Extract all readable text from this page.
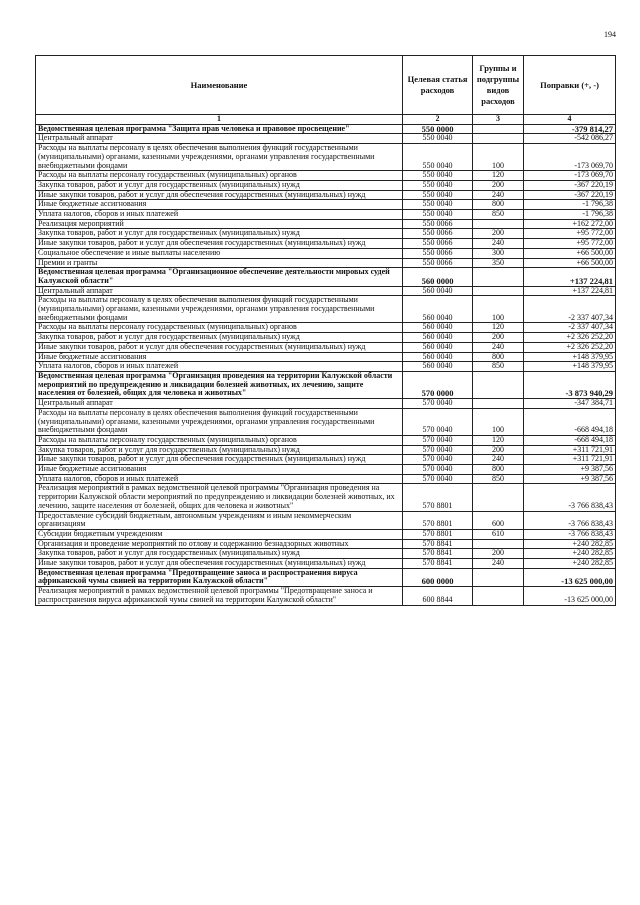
194
Наименование	Целевая статья расходов	Группы и подгруппы видов расходов	Поправки (+, -)
1	2	3	4
Ведомственная целевая программа "Защита прав человека и правовое просвещение"	550 0000		-379 814,27
Центральный аппарат	550 0040		-542 086,27
Расходы на выплаты персоналу в целях обеспечения выполнения функций государственными (муниципальными) органами, казенными учреждениями, органами управления государственными внебюджетными фондами	550 0040	100	-173 069,70
Расходы на выплаты персоналу государственных (муниципальных) органов	550 0040	120	-173 069,70
Закупка товаров, работ и услуг для государственных (муниципальных) нужд	550 0040	200	-367 220,19
Иные закупки товаров, работ и услуг для обеспечения государственных (муниципальных) нужд	550 0040	240	-367 220,19
Иные бюджетные ассигнования	550 0040	800	-1 796,38
Уплата налогов, сборов и иных платежей	550 0040	850	-1 796,38
Реализация мероприятий	550 0066		+162 272,00
Закупка товаров, работ и услуг для государственных (муниципальных) нужд	550 0066	200	+95 772,00
Иные закупки товаров, работ и услуг для обеспечения государственных (муниципальных) нужд	550 0066	240	+95 772,00
Социальное обеспечение и иные выплаты населению	550 0066	300	+66 500,00
Премии и гранты	550 0066	350	+66 500,00
Ведомственная целевая программа "Организационное обеспечение деятельности мировых судей Калужской области"	560 0000		+137 224,81
Центральный аппарат	560 0040		+137 224,81
Расходы на выплаты персоналу в целях обеспечения выполнения функций государственными (муниципальными) органами, казенными учреждениями, органами управления государственными внебюджетными фондами	560 0040	100	-2 337 407,34
Расходы на выплаты персоналу государственных (муниципальных) органов	560 0040	120	-2 337 407,34
Закупка товаров, работ и услуг для государственных (муниципальных) нужд	560 0040	200	+2 326 252,20
Иные закупки товаров, работ и услуг для обеспечения государственных (муниципальных) нужд	560 0040	240	+2 326 252,20
Иные бюджетные ассигнования	560 0040	800	+148 379,95
Уплата налогов, сборов и иных платежей	560 0040	850	+148 379,95
Ведомственная целевая программа "Организация проведения на территории Калужской области мероприятий по предупреждению и ликвидации болезней животных, их лечению, защите населения от болезней, общих для человека и животных"	570 0000		-3 873 940,29
Центральный аппарат	570 0040		-347 384,71
Расходы на выплаты персоналу в целях обеспечения выполнения функций государственными (муниципальными) органами, казенными учреждениями, органами управления государственными внебюджетными фондами	570 0040	100	-668 494,18
Расходы на выплаты персоналу государственных (муниципальных) органов	570 0040	120	-668 494,18
Закупка товаров, работ и услуг для государственных (муниципальных) нужд	570 0040	200	+311 721,91
Иные закупки товаров, работ и услуг для обеспечения государственных (муниципальных) нужд	570 0040	240	+311 721,91
Иные бюджетные ассигнования	570 0040	800	+9 387,56
Уплата налогов, сборов и иных платежей	570 0040	850	+9 387,56
Реализация мероприятий в рамках ведомственной целевой программы "Организация проведения на территории Калужской области мероприятий по предупреждению и ликвидации болезней животных, их лечению, защите населения от болезней, общих для человека и животных"	570 8801		-3 766 838,43
Предоставление субсидий бюджетным, автономным учреждениям и иным некоммерческим организациям	570 8801	600	-3 766 838,43
Субсидии бюджетным учреждениям	570 8801	610	-3 766 838,43
Организация и проведение мероприятий по отлову и содержанию безнадзорных животных	570 8841		+240 282,85
Закупка товаров, работ и услуг для государственных (муниципальных) нужд	570 8841	200	+240 282,85
Иные закупки товаров, работ и услуг для обеспечения государственных (муниципальных) нужд	570 8841	240	+240 282,85
Ведомственная целевая программа "Предотвращение заноса и распространения вируса африканской чумы свиней на территории Калужской области"	600 0000		-13 625 000,00
Реализация мероприятий в рамках ведомственной целевой программы "Предотвращение заноса и распространения вируса африканской чумы свиней на территории Калужской области"	600 8844		-13 625 000,00
